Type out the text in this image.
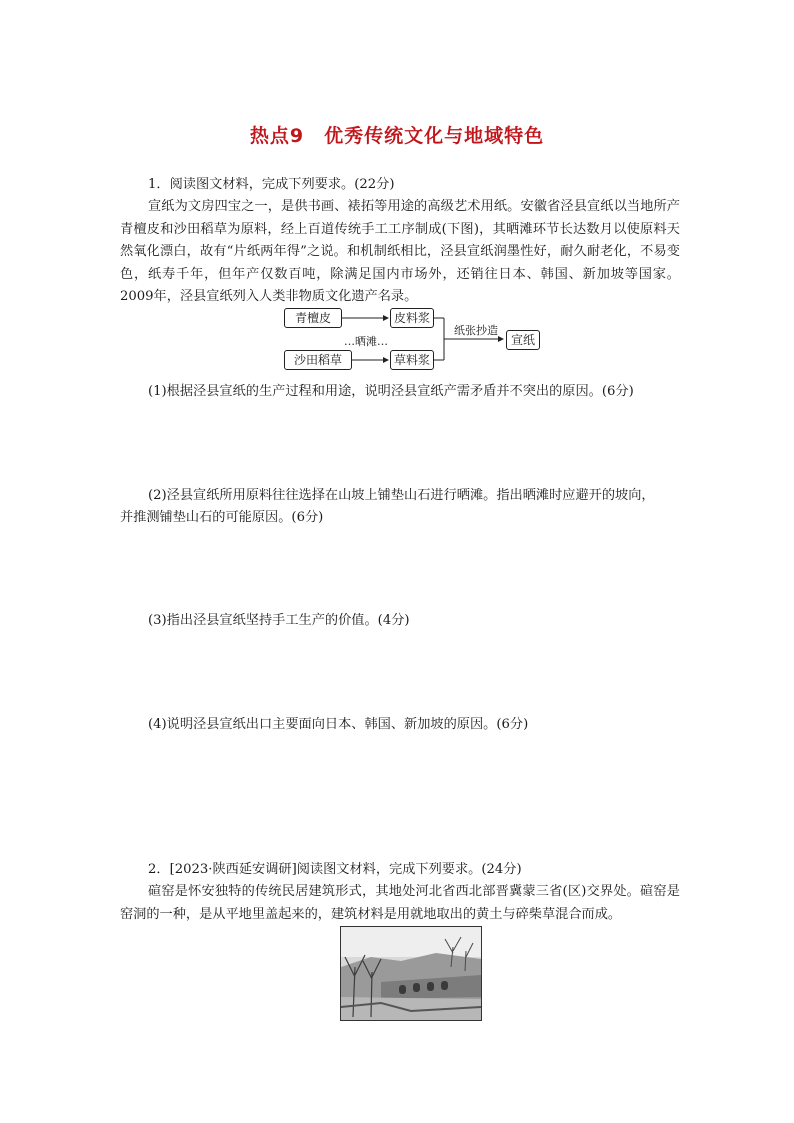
热点9　优秀传统文化与地域特色
1．阅读图文材料，完成下列要求。(22分)
宣纸为文房四宝之一，是供书画、裱拓等用途的高级艺术用纸。安徽省泾县宣纸以当地所产青檀皮和沙田稻草为原料，经上百道传统手工工序制成(下图)，其晒滩环节长达数月以使原料天然氧化漂白，故有“片纸两年得”之说。和机制纸相比，泾县宣纸润墨性好，耐久耐老化，不易变色，纸寿千年，但年产仅数百吨，除满足国内市场外，还销往日本、韩国、新加坡等国家。2009年，泾县宣纸列入人类非物质文化遗产名录。
青檀皮
沙田稻草
…晒滩…
皮料浆
草料浆
纸张抄造
宣纸
(1)根据泾县宣纸的生产过程和用途，说明泾县宣纸产需矛盾并不突出的原因。(6分)
(2)泾县宣纸所用原料往往选择在山坡上铺垫山石进行晒滩。指出晒滩时应避开的坡向，
并推测铺垫山石的可能原因。(6分)
(3)指出泾县宣纸坚持手工生产的价值。(4分)
(4)说明泾县宣纸出口主要面向日本、韩国、新加坡的原因。(6分)
2．[2023·陕西延安调研]阅读图文材料，完成下列要求。(24分)
碹窑是怀安独特的传统民居建筑形式，其地处河北省西北部晋冀蒙三省(区)交界处。碹窑是窑洞的一种，是从平地里盖起来的，建筑材料是用就地取出的黄土与碎柴草混合而成。
